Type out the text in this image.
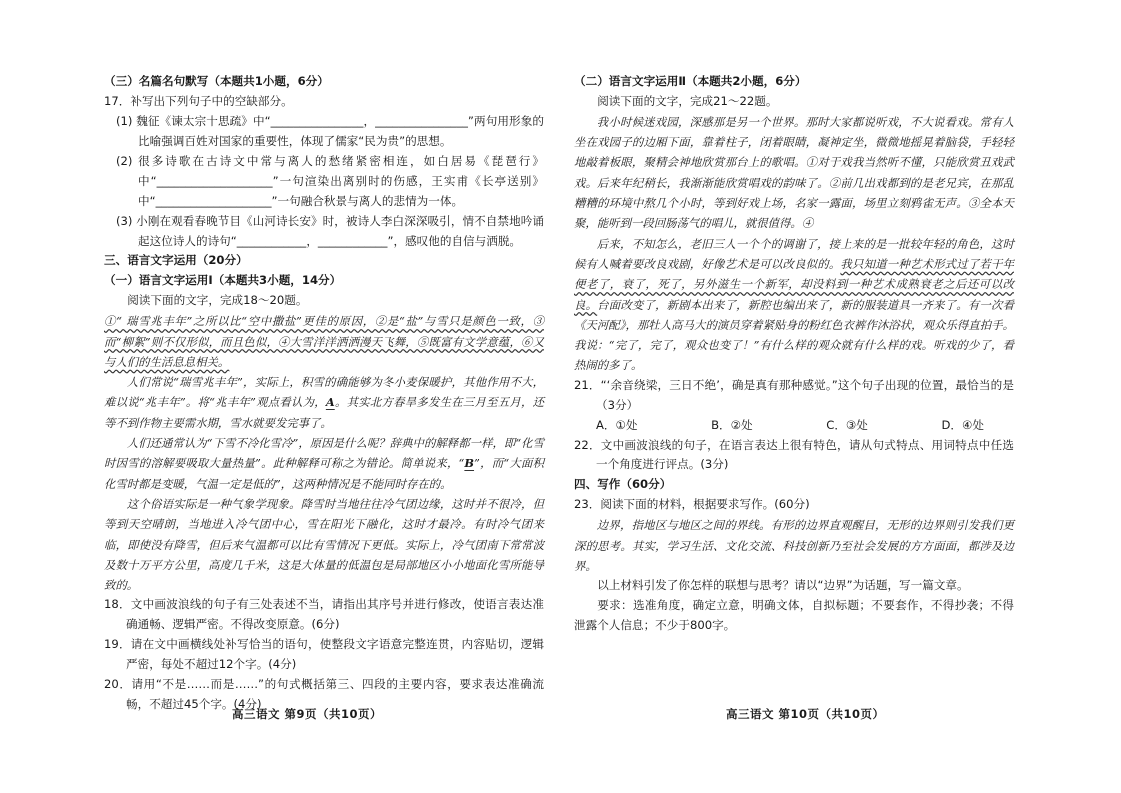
（三）名篇名句默写（本题共1小题，6分）

17．补写出下列句子中的空缺部分。

(1) 魏征《谏太宗十思疏》中“________________，________________”两句用形象的比喻强调百姓对国家的重要性，体现了儒家“民为贵”的思想。

(2) 很多诗歌在古诗文中常与离人的愁绪紧密相连，如白居易《琵琶行》中“____________________”一句渲染出离别时的伤感，王实甫《长亭送别》中“____________________”一句融合秋景与离人的悲情为一体。

(3) 小刚在观看春晚节目《山河诗长安》时，被诗人李白深深吸引，情不自禁地吟诵起这位诗人的诗句“____________，____________”，感叹他的自信与洒脱。

三、语言文字运用（20分）

（一）语言文字运用Ⅰ（本题共3小题，14分）

阅读下面的文字，完成18～20题。

①“ 瑞雪兆丰年”之所以比“空中撒盐”更佳的原因，②是“盐”与雪只是颜色一致，③而“柳絮”则不仅形似，而且色似，④大雪洋洋洒洒漫天飞舞，⑤既富有文学意蕴，⑥又与人们的生活息息相关。

人们常说“瑞雪兆丰年”，实际上，积雪的确能够为冬小麦保暖护，其他作用不大，难以说“兆丰年”。将“兆丰年”观点看认为，A。其实北方春旱多发生在三月至五月，还等不到作物主要需水期，雪水就要发完事了。

人们还通常认为“下雪不冷化雪冷”，原因是什么呢？辞典中的解释都一样，即“化雪时因雪的溶解要吸取大量热量”。此种解释可称之为错论。简单说来，“B”，而“大面积化雪时都是变暖，气温一定是低的”，这两种情况是不能同时存在的。

这个俗语实际是一种气象学现象。降雪时当地往往冷气团边缘，这时并不很冷，但等到天空晴朗，当地进入冷气团中心，雪在阳光下融化，这时才最冷。有时冷气团来临，即使没有降雪，但后来气温都可以比有雪情况下更低。实际上，冷气团南下常常波及数十万平方公里，高度几千米，这是大体量的低温包是局部地区小小地面化雪所能导致的。

18．文中画波浪线的句子有三处表述不当，请指出其序号并进行修改，使语言表达准确通畅、逻辑严密。不得改变原意。(6分)

19．请在文中画横线处补写恰当的语句，使整段文字语意完整连贯，内容贴切，逻辑严密，每处不超过12个字。(4分)

20．请用“不是……而是……”的句式概括第三、四段的主要内容，要求表达准确流畅，不超过45个字。(4分)

高三语文 第9页（共10页）

（二）语言文字运用Ⅱ（本题共2小题，6分）

阅读下面的文字，完成21～22题。

我小时候迷戏园，深感那是另一个世界。那时大家都说听戏，不大说看戏。常有人坐在戏园子的边厢下面，靠着柱子，闭着眼睛，凝神定坐，微微地摇晃着脑袋，手轻轻地敲着板眼，聚精会神地欣赏那台上的歌唱。①对于戏我当然听不懂，只能欣赏丑戏武戏。后来年纪稍长，我渐渐能欣赏唱戏的韵味了。②前几出戏都到的是老兄宾，在那乱糟糟的环境中熬几个小时，等到好戏上场，名家一露面，场里立刻鸦雀无声。③全本天聚，能听到一段回肠荡气的唱儿，就很值得。④

后来，不知怎么，老旧三人一个个的调谢了，接上来的是一批较年轻的角色，这时候有人喊着要改良戏剧，好像艺术是可以改良似的。我只知道一种艺术形式过了若干年便老了，衰了，死了，另外滋生一个新军，却没料到一种艺术成熟衰老之后还可以改良。台面改变了，新剧本出来了，新腔也编出来了，新的服装道具一齐来了。有一次看《天河配》，那牡人高马大的演员穿着紧贴身的粉红色衣裤作沐浴状，观众乐得直拍手。我说：“完了，完了，观众也变了！”有什么样的观众就有什么样的戏。听戏的少了，看热闹的多了。

21．“‘余音绕梁，三日不绝’，确是真有那种感觉。”这个句子出现的位置，最恰当的是（3分）

A．①处	B．②处	C．③处	D．④处

22．文中画波浪线的句子，在语言表达上很有特色，请从句式特点、用词特点中任选一个角度进行评点。(3分)

四、写作（60分）

23．阅读下面的材料，根据要求写作。(60分)

边界，指地区与地区之间的界线。有形的边界直观醒目，无形的边界则引发我们更深的思考。其实，学习生活、文化交流、科技创新乃至社会发展的方方面面，都涉及边界。

以上材料引发了你怎样的联想与思考？请以“边界”为话题，写一篇文章。

要求：选准角度，确定立意，明确文体，自拟标题；不要套作，不得抄袭；不得泄露个人信息；不少于800字。

高三语文 第10页（共10页）
